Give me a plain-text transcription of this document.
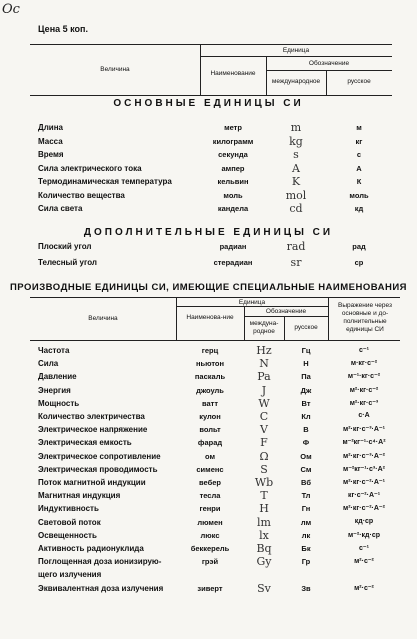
Ос
Цена 5 коп.
Величина
Единица
Наименование
Обозначение
международное	русское
ОСНОВНЫЕ ЕДИНИЦЫ СИ
Длина	метр	m	м
Масса	килограмм	kg	кг
Время	секунда	s	с
Сила электрического тока	ампер	A	А
Термодинамическая температура	кельвин	K	К
Количество вещества	моль	mol	моль
Сила света	кандела	cd	кд
ДОПОЛНИТЕЛЬНЫЕ ЕДИНИЦЫ СИ
Плоский угол	радиан	rad	рад
Телесный угол	стерадиан	sr	ср
ПРОИЗВОДНЫЕ ЕДИНИЦЫ СИ, ИМЕЮЩИЕ СПЕЦИАЛЬНЫЕ НАИМЕНОВАНИЯ
Величина
Единица
Наименова-ние
Обозначение
междуна-родное
русское
Выражение через основные и до-полнительные единицы СИ
Частота	герц	Hz	Гц	с⁻¹
Сила	ньютон	N	Н	м·кг·с⁻²
Давление	паскаль	Pa	Па	м⁻¹·кг·с⁻²
Энергия	джоуль	J	Дж	м²·кг·с⁻²
Мощность	ватт	W	Вт	м²·кг·с⁻³
Количество электричества	кулон	C	Кл	с·А
Электрическое напряжение	вольт	V	В	м²·кг·с⁻³·А⁻¹
Электрическая емкость	фарад	F	Ф	м⁻²кг⁻¹·с⁴·А²
Электрическое сопротивление	ом	Ω	Ом	м²·кг·с⁻³·А⁻²
Электрическая проводимость	сименс	S	См	м⁻²кг⁻¹·с³·А²
Поток магнитной индукции	вебер	Wb	Вб	м²·кг·с⁻²·А⁻¹
Магнитная индукция	тесла	T	Тл	кг·с⁻²·А⁻¹
Индуктивность	генри	H	Гн	м²·кг·с⁻²·А⁻²
Световой поток	люмен	lm	лм	кд·ср
Освещенность	люкс	lx	лк	м⁻²·кд·ср
Активность радионуклида	беккерель	Bq	Бк	с⁻¹
Поглощенная доза ионизирую-	грэй	Gy	Гр	м²·с⁻²
щего излучения
Эквивалентная доза излучения	зиверт	Sv	Зв	м²·с⁻²
